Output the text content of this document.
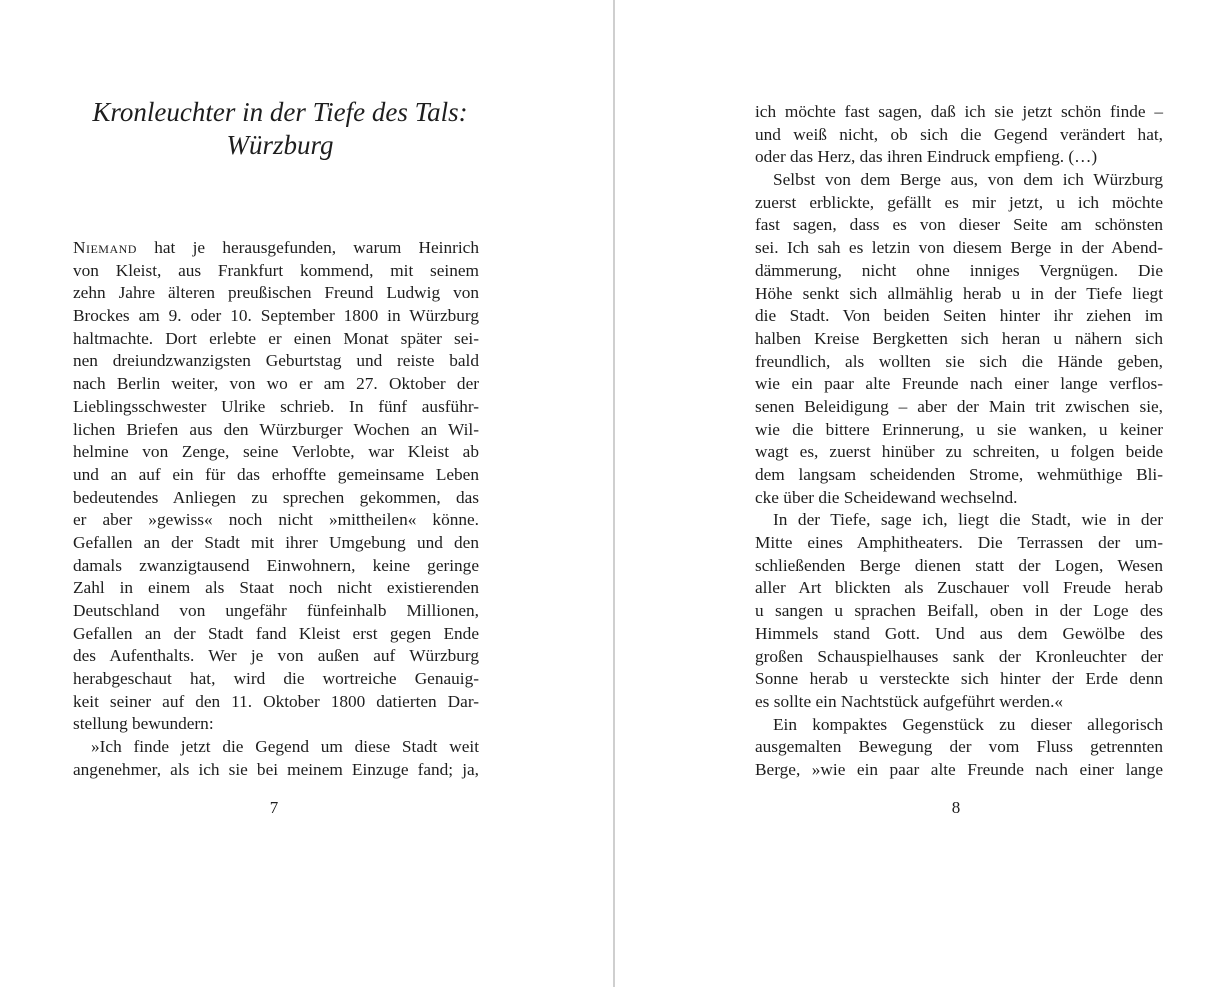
Kronleuchter in der Tiefe des Tals:
Würzburg
Niemand hat je herausgefunden, warum Heinrich
von Kleist, aus Frankfurt kommend, mit seinem
zehn Jahre älteren preußischen Freund Ludwig von
Brockes am 9. oder 10. September 1800 in Würzburg
haltmachte. Dort erlebte er einen Monat später sei-
nen dreiundzwanzigsten Geburtstag und reiste bald
nach Berlin weiter, von wo er am 27. Oktober der
Lieblingsschwester Ulrike schrieb. In fünf ausführ-
lichen Briefen aus den Würzburger Wochen an Wil-
helmine von Zenge, seine Verlobte, war Kleist ab
und an auf ein für das erhoffte gemeinsame Leben
bedeutendes Anliegen zu sprechen gekommen, das
er aber »gewiss« noch nicht »mittheilen« könne.
Gefallen an der Stadt mit ihrer Umgebung und den
damals zwanzigtausend Einwohnern, keine geringe
Zahl in einem als Staat noch nicht existierenden
Deutschland von ungefähr fünfeinhalb Millionen,
Gefallen an der Stadt fand Kleist erst gegen Ende
des Aufenthalts. Wer je von außen auf Würzburg
herabgeschaut hat, wird die wortreiche Genauig-
keit seiner auf den 11. Oktober 1800 datierten Dar-
stellung bewundern:
»Ich finde jetzt die Gegend um diese Stadt weit
angenehmer, als ich sie bei meinem Einzuge fand; ja,
7
ich möchte fast sagen, daß ich sie jetzt schön finde –
und weiß nicht, ob sich die Gegend verändert hat,
oder das Herz, das ihren Eindruck empfieng. (…)
Selbst von dem Berge aus, von dem ich Würzburg
zuerst erblickte, gefällt es mir jetzt, u ich möchte
fast sagen, dass es von dieser Seite am schönsten
sei. Ich sah es letzin von diesem Berge in der Abend-
dämmerung, nicht ohne inniges Vergnügen. Die
Höhe senkt sich allmählig herab u in der Tiefe liegt
die Stadt. Von beiden Seiten hinter ihr ziehen im
halben Kreise Bergketten sich heran u nähern sich
freundlich, als wollten sie sich die Hände geben,
wie ein paar alte Freunde nach einer lange verflos-
senen Beleidigung – aber der Main trit zwischen sie,
wie die bittere Erinnerung, u sie wanken, u keiner
wagt es, zuerst hinüber zu schreiten, u folgen beide
dem langsam scheidenden Strome, wehmüthige Bli-
cke über die Scheidewand wechselnd.
In der Tiefe, sage ich, liegt die Stadt, wie in der
Mitte eines Amphitheaters. Die Terrassen der um-
schließenden Berge dienen statt der Logen, Wesen
aller Art blickten als Zuschauer voll Freude herab
u sangen u sprachen Beifall, oben in der Loge des
Himmels stand Gott. Und aus dem Gewölbe des
großen Schauspielhauses sank der Kronleuchter der
Sonne herab u versteckte sich hinter der Erde denn
es sollte ein Nachtstück aufgeführt werden.«
Ein kompaktes Gegenstück zu dieser allegorisch
ausgemalten Bewegung der vom Fluss getrennten
Berge, »wie ein paar alte Freunde nach einer lange
8
